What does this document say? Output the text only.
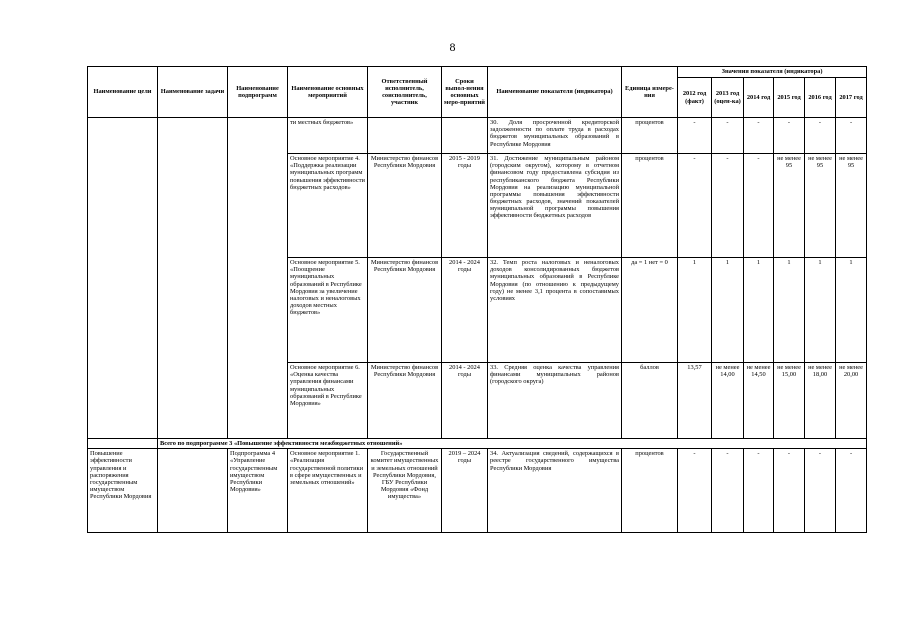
8
Наименование цели	Наименование задачи	Наименование подпрограмм	Наименование основных мероприятий	Ответственный исполнитель, соисполнитель, участник	Сроки выпол-нения основных меро-приятий	Наименование показателя (индикатора)	Единица измере-ния	Значения показателя (индикатора)					
								2012 год (факт)	2013 год (оцен-ка)	2014 год	2015 год	2016 год	2017 год
			ти местных бюджетов»			30. Доля просроченной кредиторской задолженности по оплате труда в расходах бюджетов муниципальных образований в Республике Мордовия	процентов	-	-	-	-	-	-
			Основное мероприятие 4. «Поддержка реализации муниципальных программ повышения эффективности бюджетных расходов»	Министерство финансов Республики Мордовия	2015 - 2019 годы	31. Достижение муниципальным районом (городским округом), которому в отчетном финансовом году предоставлена субсидия из республиканского бюджета Республики Мордовия на реализацию муниципальной программы повышения эффективности бюджетных расходов, значений показателей муниципальной программы повышения эффективности бюджетных расходов	процентов	-	-	-	не менее 95	не менее 95	не менее 95
			Основное мероприятие 5. «Поощрение муниципальных образований в Республике Мордовия за увеличение налоговых и неналоговых доходов местных бюджетов»	Министерство финансов Республики Мордовия	2014 - 2024 годы	32. Темп роста налоговых и неналоговых доходов консолидированных бюджетов муниципальных образований в Республике Мордовия (по отношению к предыдущему году) не менее 3,1 процента в сопоставимых условиях	да = 1 нет = 0	1	1	1	1	1	1
			Основное мероприятие 6. «Оценка качества управления финансами муниципальных образований в Республике Мордовия»	Министерство финансов Республики Мордовия	2014 - 2024 годы	33. Средняя оценка качества управления финансами муниципальных районов (городского округа)	баллов	13,57	не менее 14,00	не менее 14,50	не менее 15,00	не менее 18,00	не менее 20,00
	Всего по подпрограмме 3 «Повышение эффективности межбюджетных отношений»												
Повышение эффективности управления и распоряжения государственным имуществом Республики Мордовия		Подпрограмма 4 «Управление государственным имуществом Республики Мордовия»	Основное мероприятие 1. «Реализация государственной политики в сфере имущественных и земельных отношений»	Государственный комитет имущественных и земельных отношений Республики Мордовия, ГБУ Республики Мордовия «Фонд имущества»	2019 – 2024 годы	34. Актуализация сведений, содержащихся в реестре государственного имущества Республики Мордовия	процентов	-	-	-	-	-	-
